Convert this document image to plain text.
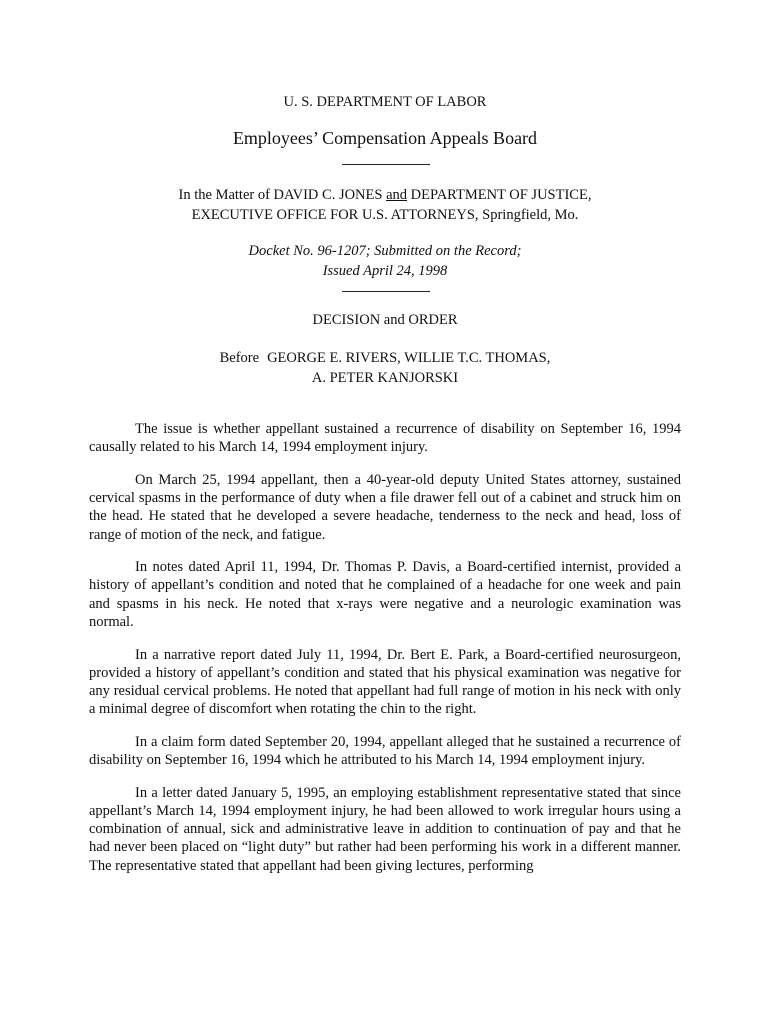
U. S. DEPARTMENT OF LABOR

Employees’ Compensation Appeals Board

In the Matter of DAVID C. JONES and DEPARTMENT OF JUSTICE,
EXECUTIVE OFFICE FOR U.S. ATTORNEYS, Springfield, Mo.
Docket No. 96-1207; Submitted on the Record;
Issued April 24, 1998

DECISION and ORDER

Before GEORGE E. RIVERS, WILLIE T.C. THOMAS,
A. PETER KANJORSKI

The issue is whether appellant sustained a recurrence of disability on September 16, 1994 causally related to his March 14, 1994 employment injury.

On March 25, 1994 appellant, then a 40-year-old deputy United States attorney, sustained cervical spasms in the performance of duty when a file drawer fell out of a cabinet and struck him on the head. He stated that he developed a severe headache, tenderness to the neck and head, loss of range of motion of the neck, and fatigue.

In notes dated April 11, 1994, Dr. Thomas P. Davis, a Board-certified internist, provided a history of appellant’s condition and noted that he complained of a headache for one week and pain and spasms in his neck. He noted that x-rays were negative and a neurologic examination was normal.

In a narrative report dated July 11, 1994, Dr. Bert E. Park, a Board-certified neurosurgeon, provided a history of appellant’s condition and stated that his physical examination was negative for any residual cervical problems. He noted that appellant had full range of motion in his neck with only a minimal degree of discomfort when rotating the chin to the right.

In a claim form dated September 20, 1994, appellant alleged that he sustained a recurrence of disability on September 16, 1994 which he attributed to his March 14, 1994 employment injury.

In a letter dated January 5, 1995, an employing establishment representative stated that since appellant’s March 14, 1994 employment injury, he had been allowed to work irregular hours using a combination of annual, sick and administrative leave in addition to continuation of pay and that he had never been placed on “light duty” but rather had been performing his work in a different manner. The representative stated that appellant had been giving lectures, performing
